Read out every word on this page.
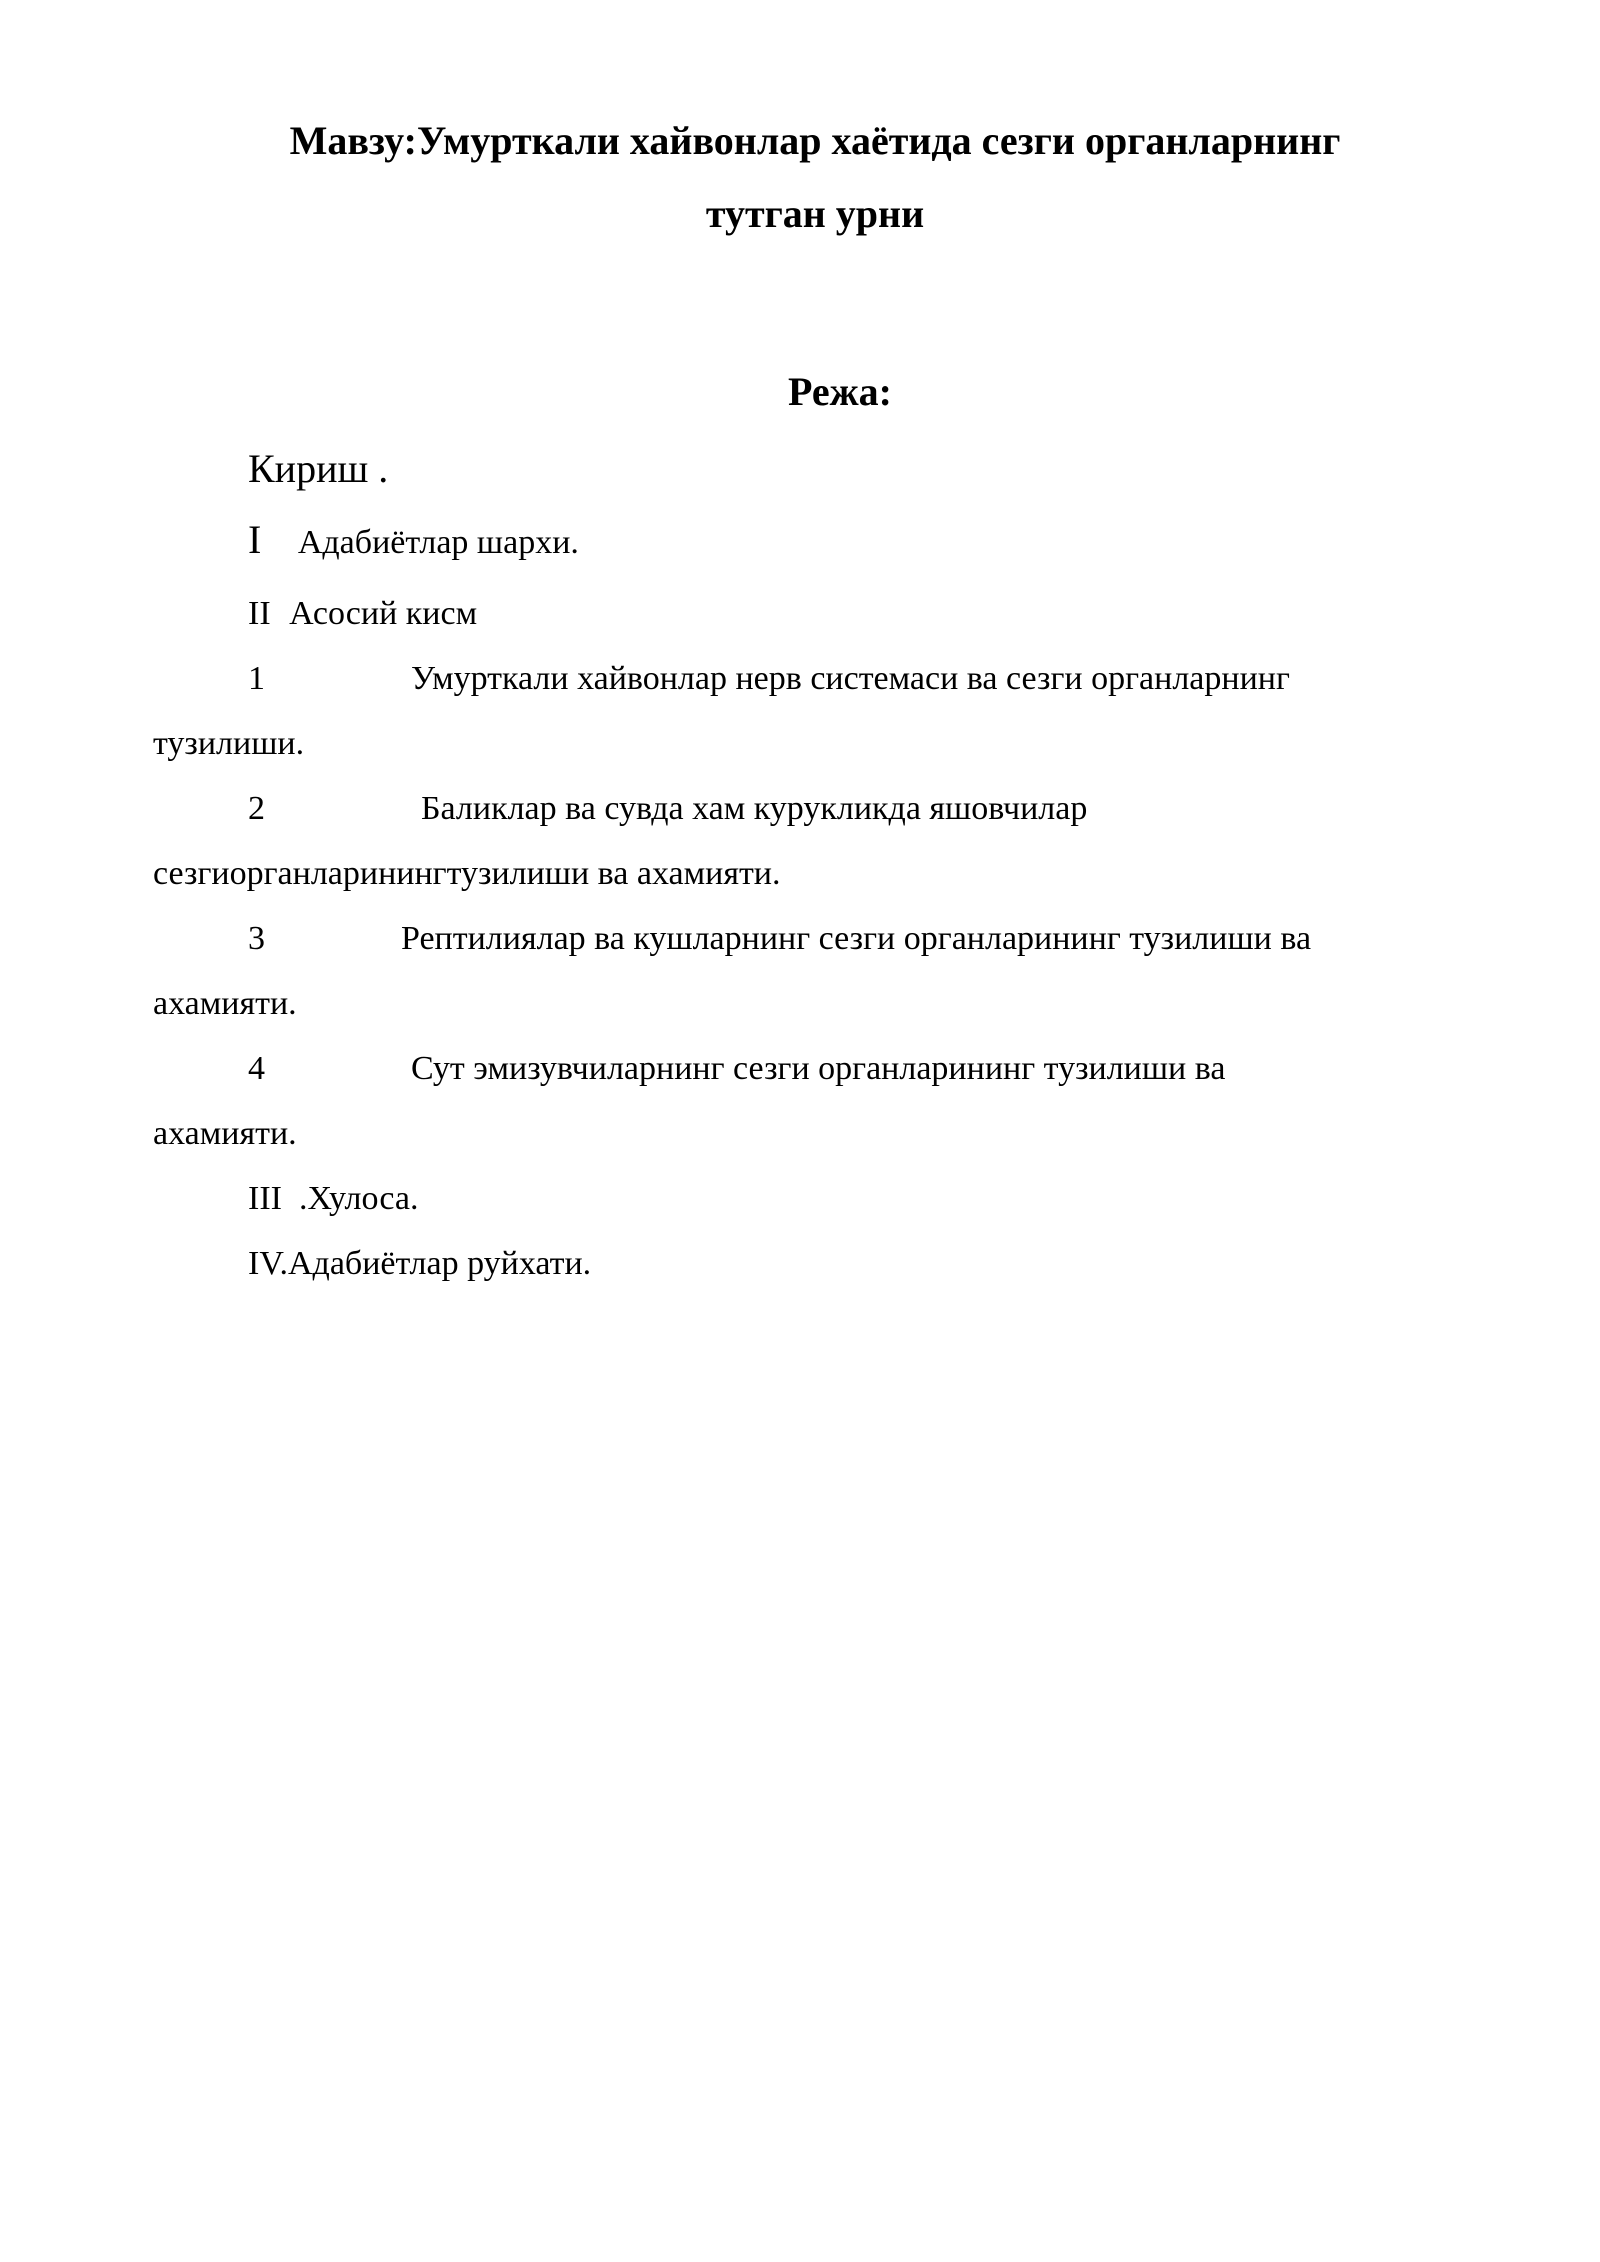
Мавзу:Умурткали хайвонлар хаётида сезги органларнинг
тутган урни
Режа:
Кириш .
I Адабиётлар шархи.
II Асосий кисм
1	Умурткали хайвонлар нерв системаси ва сезги органларнинг
тузилиши.
2	Баликлар ва сувда хам курукликда яшовчилар
сезгиорганларинингтузилиши ва ахамияти.
3	Рептилиялар ва кушларнинг сезги органларининг тузилиши ва
ахамияти.
4	Сут эмизувчиларнинг сезги органларининг тузилиши ва
ахамияти.
III  .Хулоса.
IV.Адабиётлар руйхати.
